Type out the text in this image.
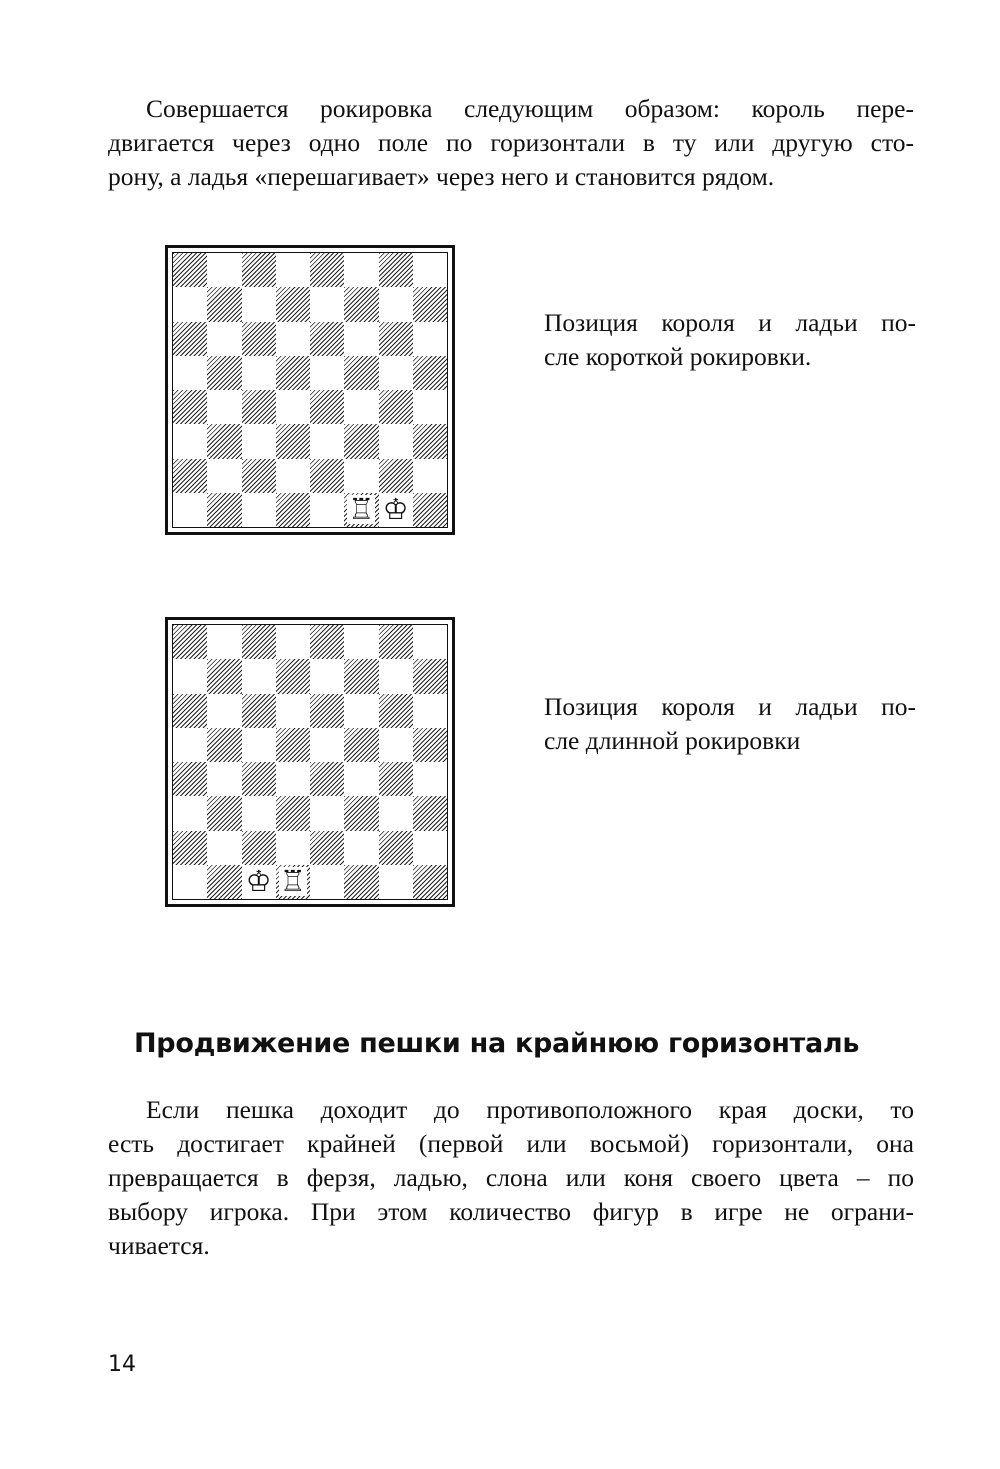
Совершается рокировка следующим образом: король пере-
двигается через одно поле по горизонтали в ту или другую сто-
рону, а ладья «перешагивает» через него и становится рядом.
♖ ♔
Позиция короля и ладьи по-
сле короткой рокировки.
♔ ♖
Позиция короля и ладьи по-
сле длинной рокировки
Продвижение пешки на крайнюю горизонталь
Если пешка доходит до противоположного края доски, то
есть достигает крайней (первой или восьмой) горизонтали, она
превращается в ферзя, ладью, слона или коня своего цвета – по
выбору игрока. При этом количество фигур в игре не ограни-
чивается.
14
